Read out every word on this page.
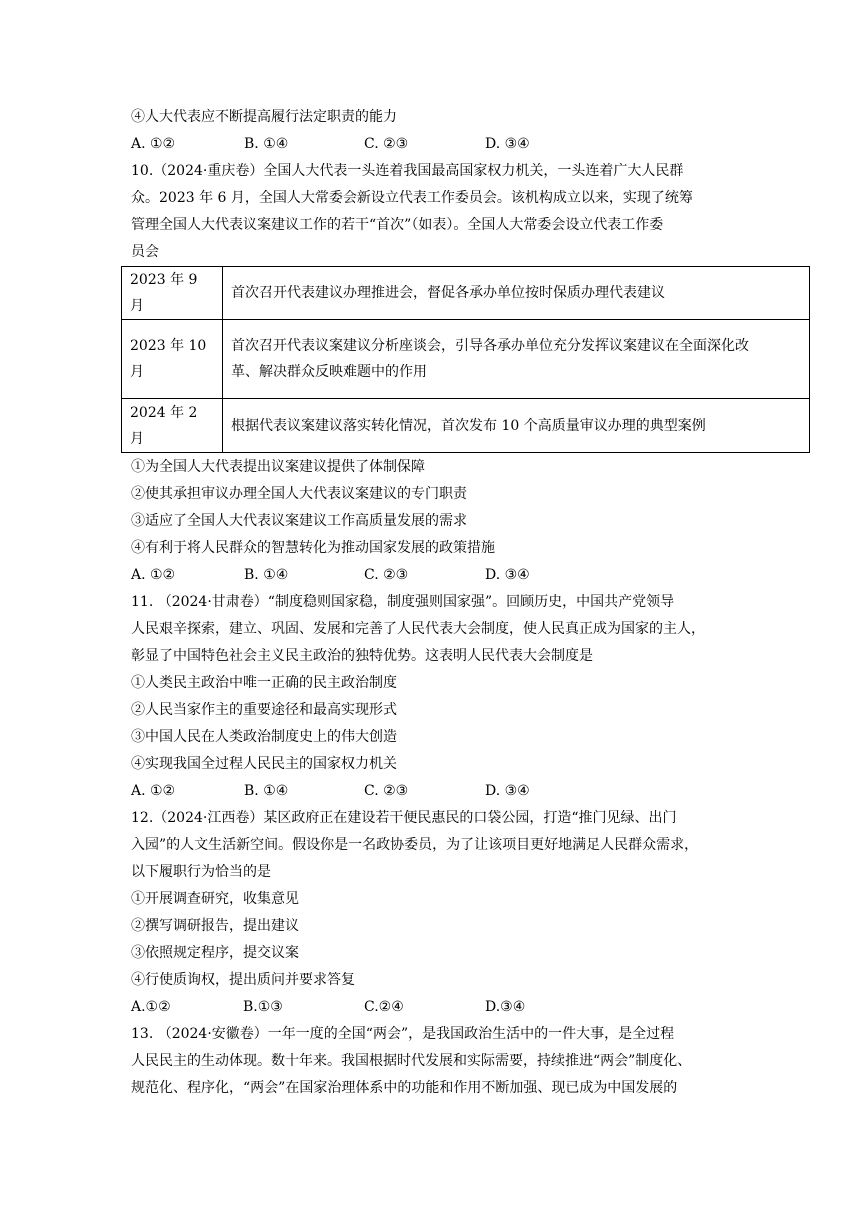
④人大代表应不断提高履行法定职责的能力
A. ①②	B. ①④	C. ②③	D. ③④
10.（2024·重庆卷）全国人大代表一头连着我国最高国家权力机关，一头连着广大人民群
众。2023 年 6 月，全国人大常委会新设立代表工作委员会。该机构成立以来，实现了统筹
管理全国人大代表议案建议工作的若干“首次”（如表）。全国人大常委会设立代表工作委
员会
2023 年 9 月	首次召开代表建议办理推进会，督促各承办单位按时保质办理代表建议
2023 年 10 月	首次召开代表议案建议分析座谈会，引导各承办单位充分发挥议案建议在全面深化改
革、解决群众反映难题中的作用
2024 年 2 月	根据代表议案建议落实转化情况，首次发布 10 个高质量审议办理的典型案例
①为全国人大代表提出议案建议提供了体制保障
②使其承担审议办理全国人大代表议案建议的专门职责
③适应了全国人大代表议案建议工作高质量发展的需求
④有利于将人民群众的智慧转化为推动国家发展的政策措施
A. ①②	B. ①④	C. ②③	D. ③④
11. （2024·甘肃卷）“制度稳则国家稳，制度强则国家强”。回顾历史，中国共产党领导
人民艰辛探索，建立、巩固、发展和完善了人民代表大会制度，使人民真正成为国家的主人，
彰显了中国特色社会主义民主政治的独特优势。这表明人民代表大会制度是
①人类民主政治中唯一正确的民主政治制度
②人民当家作主的重要途径和最高实现形式
③中国人民在人类政治制度史上的伟大创造
④实现我国全过程人民民主的国家权力机关
A. ①②	B. ①④	C. ②③	D. ③④
12.（2024·江西卷）某区政府正在建设若干便民惠民的口袋公园，打造“推门见绿、出门
入园”的人文生活新空间。假设你是一名政协委员，为了让该项目更好地满足人民群众需求，
以下履职行为恰当的是
①开展调查研究，收集意见
②撰写调研报告，提出建议
③依照规定程序，提交议案
④行使质询权，提出质问并要求答复
A.①②	B.①③	C.②④	D.③④
13. （2024·安徽卷）一年一度的全国“两会”，是我国政治生活中的一件大事，是全过程
人民民主的生动体现。数十年来。我国根据时代发展和实际需要，持续推进“两会”制度化、
规范化、程序化，“两会”在国家治理体系中的功能和作用不断加强、现已成为中国发展的
